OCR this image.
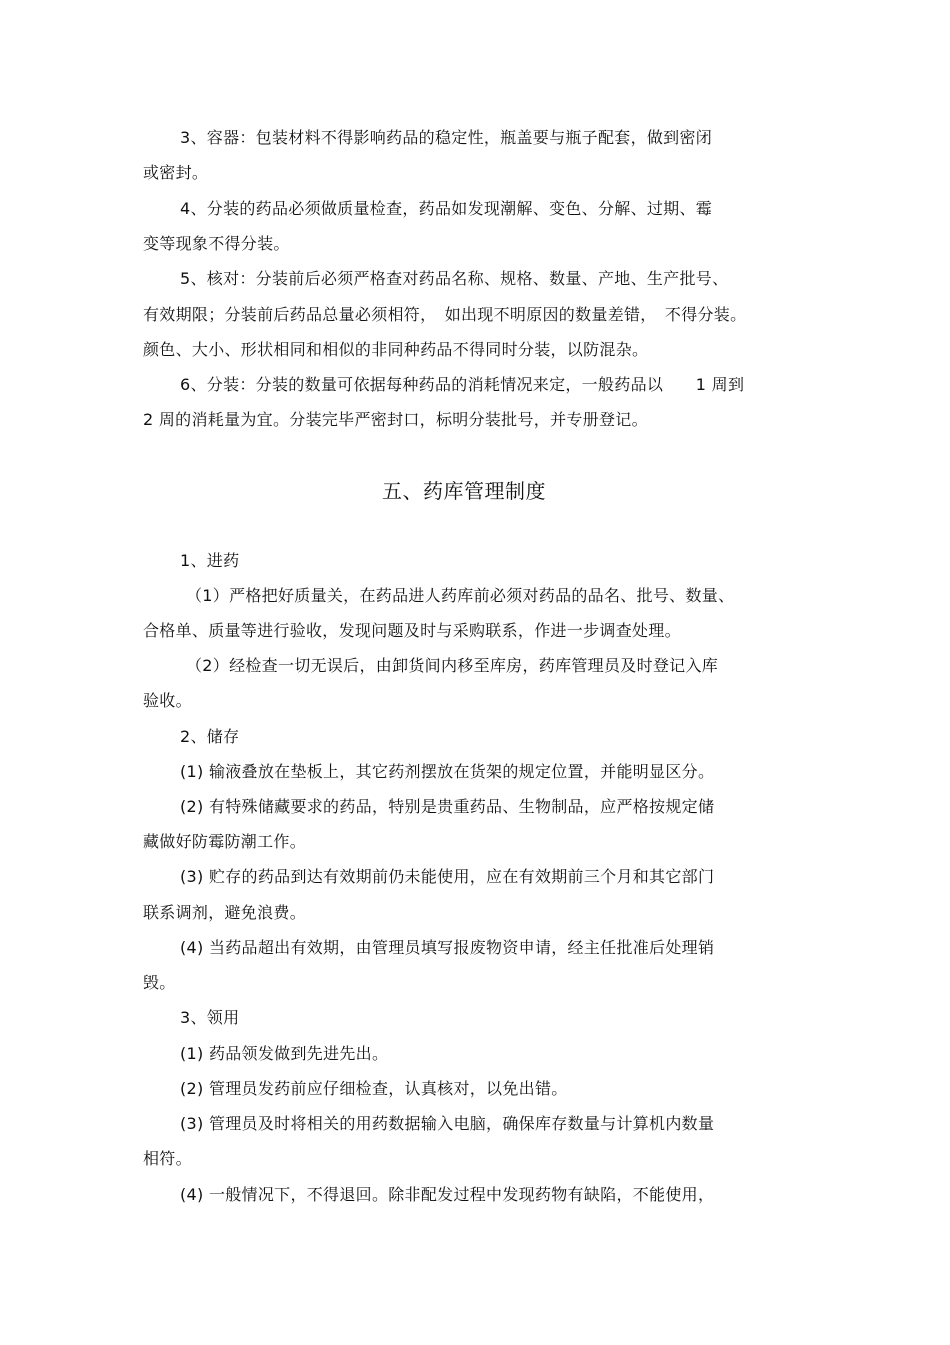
3、容器：包装材料不得影响药品的稳定性，瓶盖要与瓶子配套，做到密闭
或密封。
4、分装的药品必须做质量检查，药品如发现潮解、变色、分解、过期、霉
变等现象不得分装。
5、核对：分装前后必须严格查对药品名称、规格、数量、产地、生产批号、
有效期限；分装前后药品总量必须相符，　如出现不明原因的数量差错，　不得分装。
颜色、大小、形状相同和相似的非同种药品不得同时分装，以防混杂。
6、分装：分装的数量可依据每种药品的消耗情况来定，一般药品以　　1 周到
2 周的消耗量为宜。分装完毕严密封口，标明分装批号，并专册登记。
五、药库管理制度
1、进药
（1）严格把好质量关，在药品进人药库前必须对药品的品名、批号、数量、
合格单、质量等进行验收，发现问题及时与采购联系，作进一步调查处理。
（2）经检查一切无误后，由卸货间内移至库房，药库管理员及时登记入库
验收。
2、储存
(1) 输液叠放在垫板上，其它药剂摆放在货架的规定位置，并能明显区分。
(2) 有特殊储藏要求的药品，特别是贵重药品、生物制品，应严格按规定储
藏做好防霉防潮工作。
(3) 贮存的药品到达有效期前仍未能使用，应在有效期前三个月和其它部门
联系调剂，避免浪费。
(4) 当药品超出有效期，由管理员填写报废物资申请，经主任批准后处理销
毁。
3、领用
(1) 药品领发做到先进先出。
(2) 管理员发药前应仔细检查，认真核对，以免出错。
(3) 管理员及时将相关的用药数据输入电脑，确保库存数量与计算机内数量
相符。
(4) 一般情况下，不得退回。除非配发过程中发现药物有缺陷，不能使用，
